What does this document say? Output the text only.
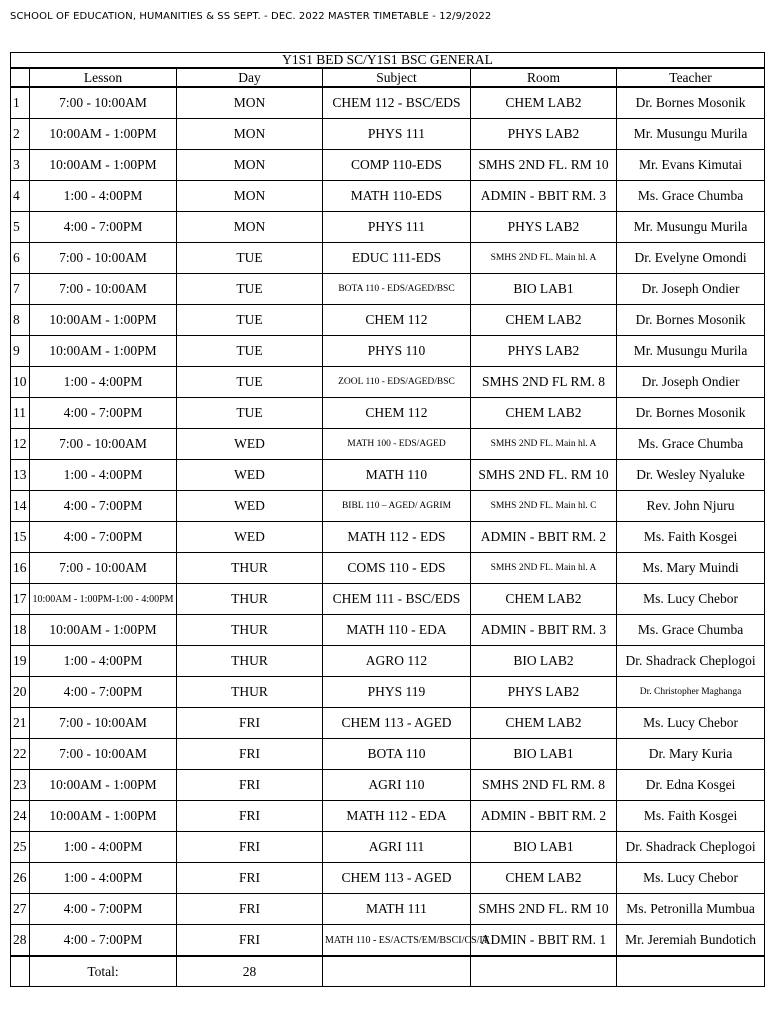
SCHOOL OF EDUCATION, HUMANITIES & SS SEPT. - DEC. 2022 MASTER TIMETABLE - 12/9/2022
Y1S1 BED SC/Y1S1 BSC GENERAL					
	Lesson	Day	Subject	Room	Teacher
1	7:00 - 10:00AM	MON	CHEM 112 - BSC/EDS	CHEM LAB2	Dr. Bornes Mosonik
2	10:00AM - 1:00PM	MON	PHYS 111	PHYS LAB2	Mr. Musungu Murila
3	10:00AM - 1:00PM	MON	COMP 110-EDS	SMHS 2ND FL. RM 10	Mr. Evans Kimutai
4	1:00 - 4:00PM	MON	MATH 110-EDS	ADMIN - BBIT RM. 3	Ms. Grace Chumba
5	4:00 - 7:00PM	MON	PHYS 111	PHYS LAB2	Mr. Musungu Murila
6	7:00 - 10:00AM	TUE	EDUC 111-EDS	SMHS 2ND FL. Main hl. A	Dr. Evelyne Omondi
7	7:00 - 10:00AM	TUE	BOTA 110 - EDS/AGED/BSC	BIO LAB1	Dr. Joseph Ondier
8	10:00AM - 1:00PM	TUE	CHEM 112	CHEM LAB2	Dr. Bornes Mosonik
9	10:00AM - 1:00PM	TUE	PHYS 110	PHYS LAB2	Mr. Musungu Murila
10	1:00 - 4:00PM	TUE	ZOOL 110 - EDS/AGED/BSC	SMHS 2ND FL RM. 8	Dr. Joseph Ondier
11	4:00 - 7:00PM	TUE	CHEM 112	CHEM LAB2	Dr. Bornes Mosonik
12	7:00 - 10:00AM	WED	MATH 100 - EDS/AGED	SMHS 2ND FL. Main hl. A	Ms. Grace Chumba
13	1:00 - 4:00PM	WED	MATH 110	SMHS 2ND FL. RM 10	Dr. Wesley Nyaluke
14	4:00 - 7:00PM	WED	BIBL 110 – AGED/ AGRIM	SMHS 2ND FL. Main hl. C	Rev. John Njuru
15	4:00 - 7:00PM	WED	MATH 112 - EDS	ADMIN - BBIT RM. 2	Ms. Faith Kosgei
16	7:00 - 10:00AM	THUR	COMS 110 - EDS	SMHS 2ND FL. Main hl. A	Ms. Mary Muindi
17	10:00AM - 1:00PM-1:00 - 4:00PM	THUR	CHEM 111 - BSC/EDS	CHEM LAB2	Ms. Lucy Chebor
18	10:00AM - 1:00PM	THUR	MATH 110 - EDA	ADMIN - BBIT RM. 3	Ms. Grace Chumba
19	1:00 - 4:00PM	THUR	AGRO 112	BIO LAB2	Dr. Shadrack Cheplogoi
20	4:00 - 7:00PM	THUR	PHYS 119	PHYS LAB2	Dr. Christopher Maghanga
21	7:00 - 10:00AM	FRI	CHEM 113 - AGED	CHEM LAB2	Ms. Lucy Chebor
22	7:00 - 10:00AM	FRI	BOTA 110	BIO LAB1	Dr. Mary Kuria
23	10:00AM - 1:00PM	FRI	AGRI 110	SMHS 2ND FL RM. 8	Dr. Edna Kosgei
24	10:00AM - 1:00PM	FRI	MATH 112 - EDA	ADMIN - BBIT RM. 2	Ms. Faith Kosgei
25	1:00 - 4:00PM	FRI	AGRI 111	BIO LAB1	Dr. Shadrack Cheplogoi
26	1:00 - 4:00PM	FRI	CHEM 113 - AGED	CHEM LAB2	Ms. Lucy Chebor
27	4:00 - 7:00PM	FRI	MATH 111	SMHS 2ND FL. RM 10	Ms. Petronilla Mumbua
28	4:00 - 7:00PM	FRI	MATH 110 - ES/ACTS/EM/BSCI/CS/IT	ADMIN - BBIT RM. 1	Mr. Jeremiah Bundotich
	Total:	28			
